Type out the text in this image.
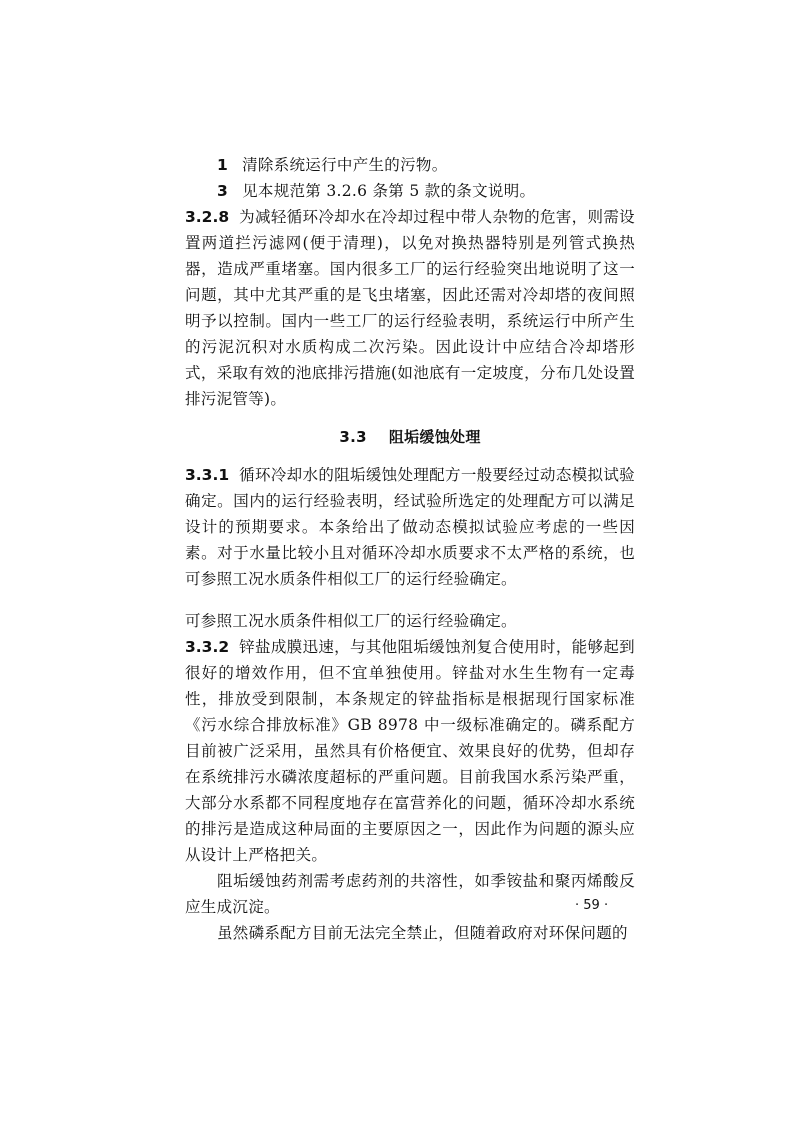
1 清除系统运行中产生的污物。

3 见本规范第 3.2.6 条第 5 款的条文说明。

3.2.8 为减轻循环冷却水在冷却过程中带人杂物的危害，则需设置两道拦污滤网(便于清理)，以免对换热器特别是列管式换热器，造成严重堵塞。国内很多工厂的运行经验突出地说明了这一问题，其中尤其严重的是飞虫堵塞，因此还需对冷却塔的夜间照明予以控制。国内一些工厂的运行经验表明，系统运行中所产生的污泥沉积对水质构成二次污染。因此设计中应结合冷却塔形式，采取有效的池底排污措施(如池底有一定坡度，分布几处设置排污泥管等)。

3.3 阻垢缓蚀处理

3.3.1 循环冷却水的阻垢缓蚀处理配方一般要经过动态模拟试验确定。国内的运行经验表明，经试验所选定的处理配方可以满足设计的预期要求。本条给出了做动态模拟试验应考虑的一些因素。对于水量比较小且对循环冷却水质要求不太严格的系统，也可参照工况水质条件相似工厂的运行经验确定。

可参照工况水质条件相似工厂的运行经验确定。

3.3.2 锌盐成膜迅速，与其他阻垢缓蚀剂复合使用时，能够起到很好的增效作用，但不宜单独使用。锌盐对水生生物有一定毒性，排放受到限制，本条规定的锌盐指标是根据现行国家标准《污水综合排放标准》GB 8978 中一级标准确定的。磷系配方目前被广泛采用，虽然具有价格便宜、效果良好的优势，但却存在系统排污水磷浓度超标的严重问题。目前我国水系污染严重，大部分水系都不同程度地存在富营养化的问题，循环冷却水系统的排污是造成这种局面的主要原因之一，因此作为问题的源头应从设计上严格把关。

阻垢缓蚀药剂需考虑药剂的共溶性，如季铵盐和聚丙烯酸反应生成沉淀。

虽然磷系配方目前无法完全禁止，但随着政府对环保问题的

· 59 ·
